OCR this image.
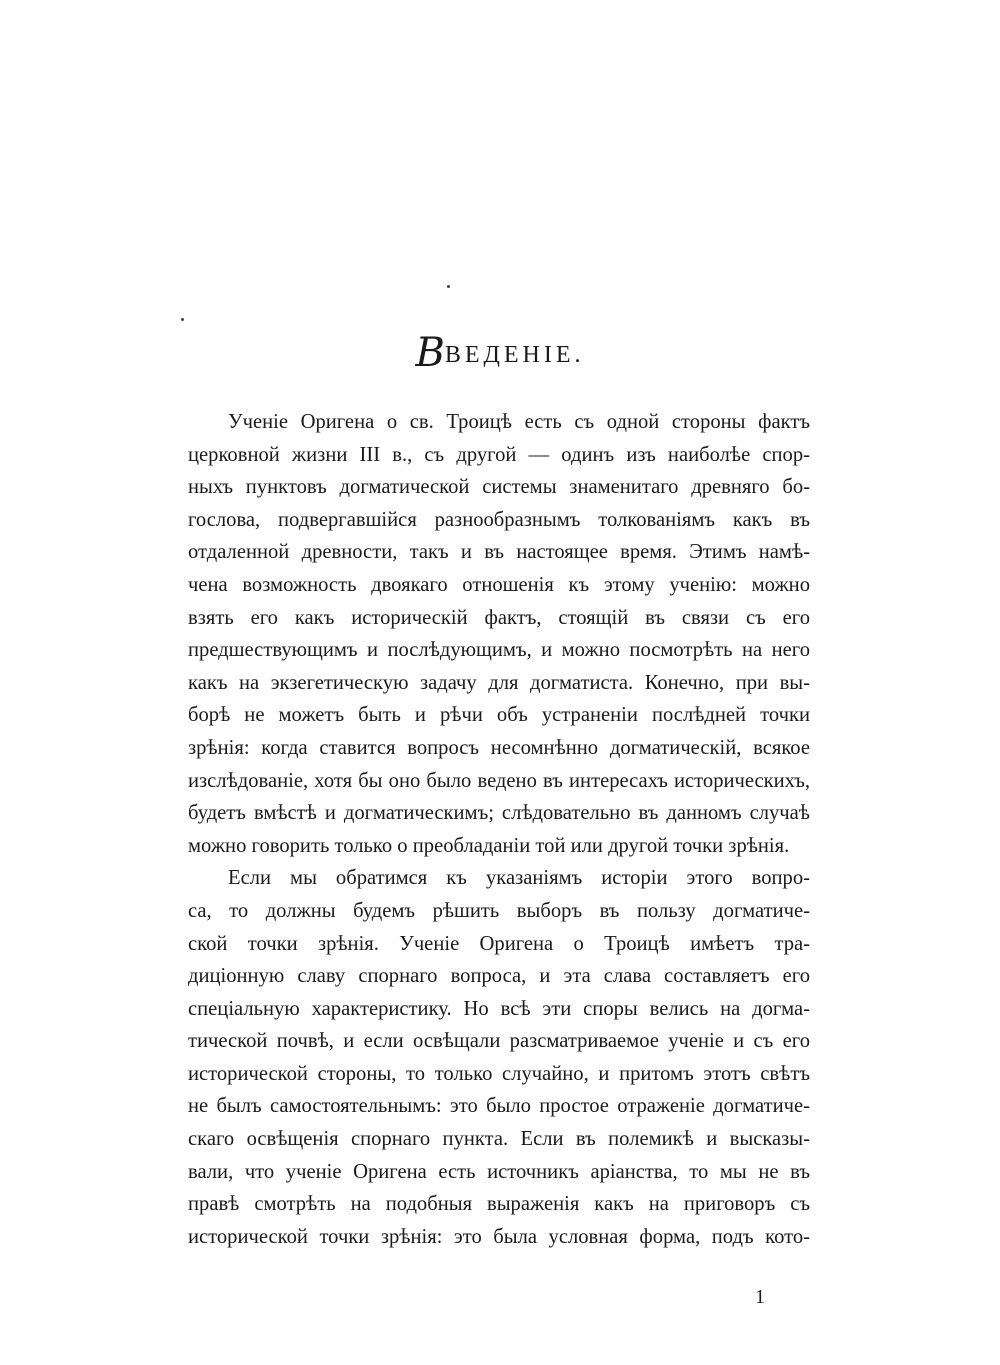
ВВЕДЕНІЕ.
Ученіе Оригена о св. Троицѣ есть съ одной стороны фактъ
церковной жизни III в., съ другой — одинъ изъ наиболѣе спор-
ныхъ пунктовъ догматической системы знаменитаго древняго бо-
гослова, подвергавшійся разнообразнымъ толкованіямъ какъ въ
отдаленной древности, такъ и въ настоящее время. Этимъ намѣ-
чена возможность двоякаго отношенія къ этому ученію: можно
взять его какъ историческій фактъ, стоящій въ связи съ его
предшествующимъ и послѣдующимъ, и можно посмотрѣть на него
какъ на экзегетическую задачу для догматиста. Конечно, при вы-
борѣ не можетъ быть и рѣчи объ устраненіи послѣдней точки
зрѣнія: когда ставится вопросъ несомнѣнно догматическій, всякое
изслѣдованіе, хотя бы оно было ведено въ интересахъ историческихъ,
будетъ вмѣстѣ и догматическимъ; слѣдовательно въ данномъ случаѣ
можно говорить только о преобладаніи той или другой точки зрѣнія.
Если мы обратимся къ указаніямъ исторіи этого вопро-
са, то должны будемъ рѣшить выборъ въ пользу догматиче-
ской точки зрѣнія. Ученіе Оригена о Троицѣ имѣетъ тра-
диціонную славу спорнаго вопроса, и эта слава составляетъ его
спеціальную характеристику. Но всѣ эти споры велись на догма-
тической почвѣ, и если освѣщали разсматриваемое ученіе и съ его
исторической стороны, то только случайно, и притомъ этотъ свѣтъ
не былъ самостоятельнымъ: это было простое отраженіе догматиче-
скаго освѣщенія спорнаго пункта. Если въ полемикѣ и высказы-
вали, что ученіе Оригена есть источникъ аріанства, то мы не въ
правѣ смотрѣть на подобныя выраженія какъ на приговоръ съ
исторической точки зрѣнія: это была условная форма, подъ кото-
1
